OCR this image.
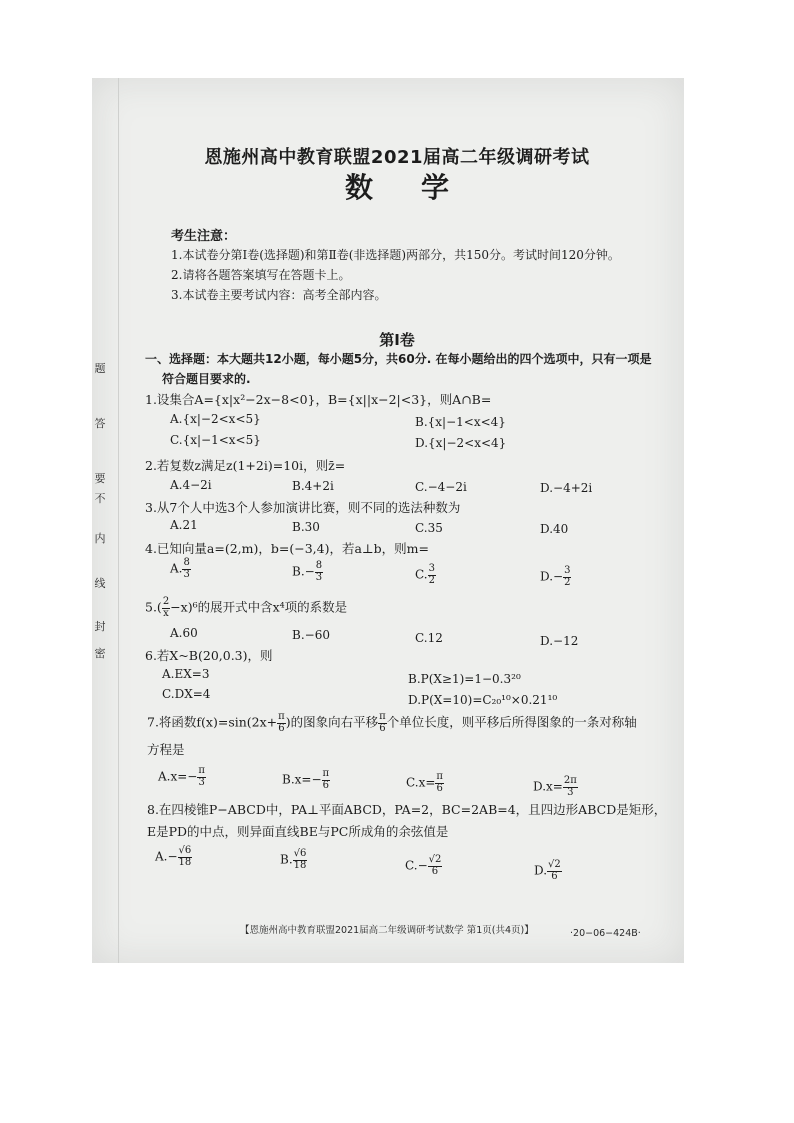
题
答
要
不
内
线
封
密
恩施州高中教育联盟2021届高二年级调研考试
数学
考生注意：
1.本试卷分第Ⅰ卷(选择题)和第Ⅱ卷(非选择题)两部分，共150分。考试时间120分钟。
2.请将各题答案填写在答题卡上。
3.本试卷主要考试内容：高考全部内容。
第Ⅰ卷
一、选择题：本大题共12小题，每小题5分，共60分. 在每小题给出的四个选项中，只有一项是
符合题目要求的.
1.设集合A={x|x²−2x−8<0}，B={x||x−2|<3}，则A∩B=
A.{x|−2<x<5}	B.{x|−1<x<4}
C.{x|−1<x<5}	D.{x|−2<x<4}
2.若复数z满足z(1+2i)=10i，则z̄=
A.4−2i	B.4+2i	C.−4−2i	D.−4+2i
3.从7个人中选3个人参加演讲比赛，则不同的选法种数为
A.21	B.30	C.35	D.40
4.已知向量a=(2,m)，b=(−3,4)，若a⊥b，则m=
A. $\frac{8}{3}$	$B.- \frac{8}{3}$	C. $\frac{3}{2}$	$D.- \frac{3}{2}$
$5.( \frac{2}{x} -x)^6$的展开式中含x⁴项的系数是
A.60	B.−60	C.12	D.−12
6.若X~B(20,0.3)，则
A.EX=3	B.P(X≥1)=1−0.3²⁰
C.DX=4	D.P(X=10)=C₂₀¹⁰×0.21¹⁰
7.将函数$f(x)=\sin(2x+ \frac{\pi}{6}$ )的图象向右平移 $\frac{\pi}{6}$ 个单位长度，则平移后所得图象的一条对称轴
方程是
$A.x=- \frac{\pi}{3}$	$B.x=- \frac{\pi}{6}$	$C.x= \frac{\pi}{6}$	$D.x= \frac{2\pi}{3}$
8.在四棱锥P−ABCD中，PA⊥平面ABCD，PA=2，BC=2AB=4，且四边形ABCD是矩形，
E是PD的中点，则异面直线BE与PC所成角的余弦值是
$A.- \frac{√6}{18}$	B. $\frac{√6}{18}$	$C.- \frac{√2}{6}$	D. $\frac{√2}{6}$
【恩施州高中教育联盟2021届高二年级调研考试数学 第1页(共4页)】	·20−06−424B·
